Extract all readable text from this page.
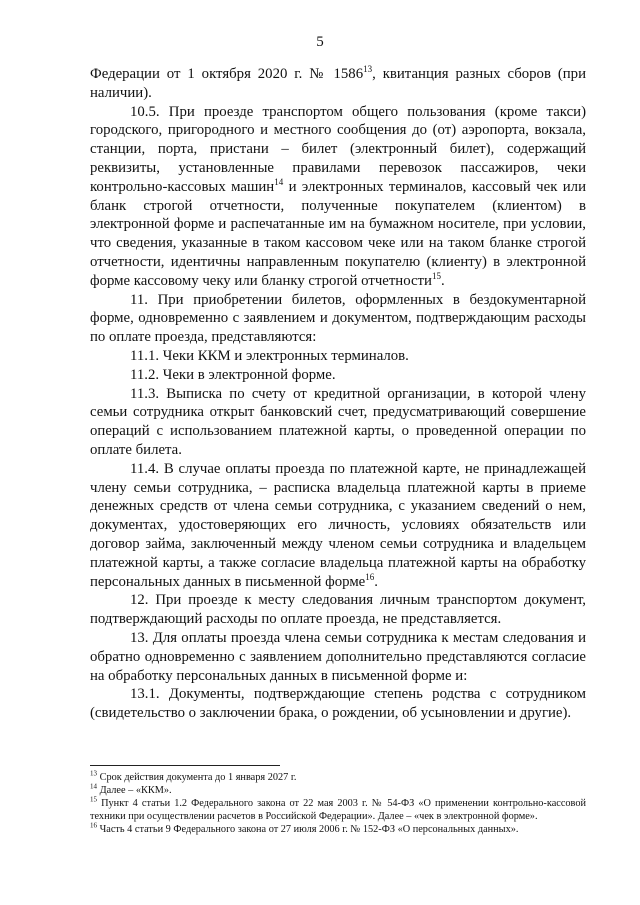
5

Федерации от 1 октября 2020 г. № 1586$^{13}$, квитанция разных сборов (при наличии).

10.5. При проезде транспортом общего пользования (кроме такси) городского, пригородного и местного сообщения до (от) аэропорта, вокзала, станции, порта, пристани – билет (электронный билет), содержащий реквизиты, установленные правилами перевозок пассажиров, чеки контрольно-кассовых машин$^{14}$ и электронных терминалов, кассовый чек или бланк строгой отчетности, полученные покупателем (клиентом) в электронной форме и распечатанные им на бумажном носителе, при условии, что сведения, указанные в таком кассовом чеке или на таком бланке строгой отчетности, идентичны направленным покупателю (клиенту) в электронной форме кассовому чеку или бланку строгой отчетности$^{15}$.

11. При приобретении билетов, оформленных в бездокументарной форме, одновременно с заявлением и документом, подтверждающим расходы по оплате проезда, представляются:

11.1. Чеки ККМ и электронных терминалов.

11.2. Чеки в электронной форме.

11.3. Выписка по счету от кредитной организации, в которой члену семьи сотрудника открыт банковский счет, предусматривающий совершение операций с использованием платежной карты, о проведенной операции по оплате билета.

11.4. В случае оплаты проезда по платежной карте, не принадлежащей члену семьи сотрудника, – расписка владельца платежной карты в приеме денежных средств от члена семьи сотрудника, с указанием сведений о нем, документах, удостоверяющих его личность, условиях обязательств или договор займа, заключенный между членом семьи сотрудника и владельцем платежной карты, а также согласие владельца платежной карты на обработку персональных данных в письменной форме$^{16}$.

12. При проезде к месту следования личным транспортом документ, подтверждающий расходы по оплате проезда, не представляется.

13. Для оплаты проезда члена семьи сотрудника к местам следования и обратно одновременно с заявлением дополнительно представляются согласие на обработку персональных данных в письменной форме и:

13.1. Документы, подтверждающие степень родства с сотрудником (свидетельство о заключении брака, о рождении, об усыновлении и другие).

$^{13}$ Срок действия документа до 1 января 2027 г.

$^{14}$ Далее – «ККМ».

$^{15}$ Пункт 4 статьи 1.2 Федерального закона от 22 мая 2003 г. № 54-ФЗ «О применении контрольно-кассовой техники при осуществлении расчетов в Российской Федерации». Далее – «чек в электронной форме».

$^{16}$ Часть 4 статьи 9 Федерального закона от 27 июля 2006 г. № 152-ФЗ «О персональных данных».
